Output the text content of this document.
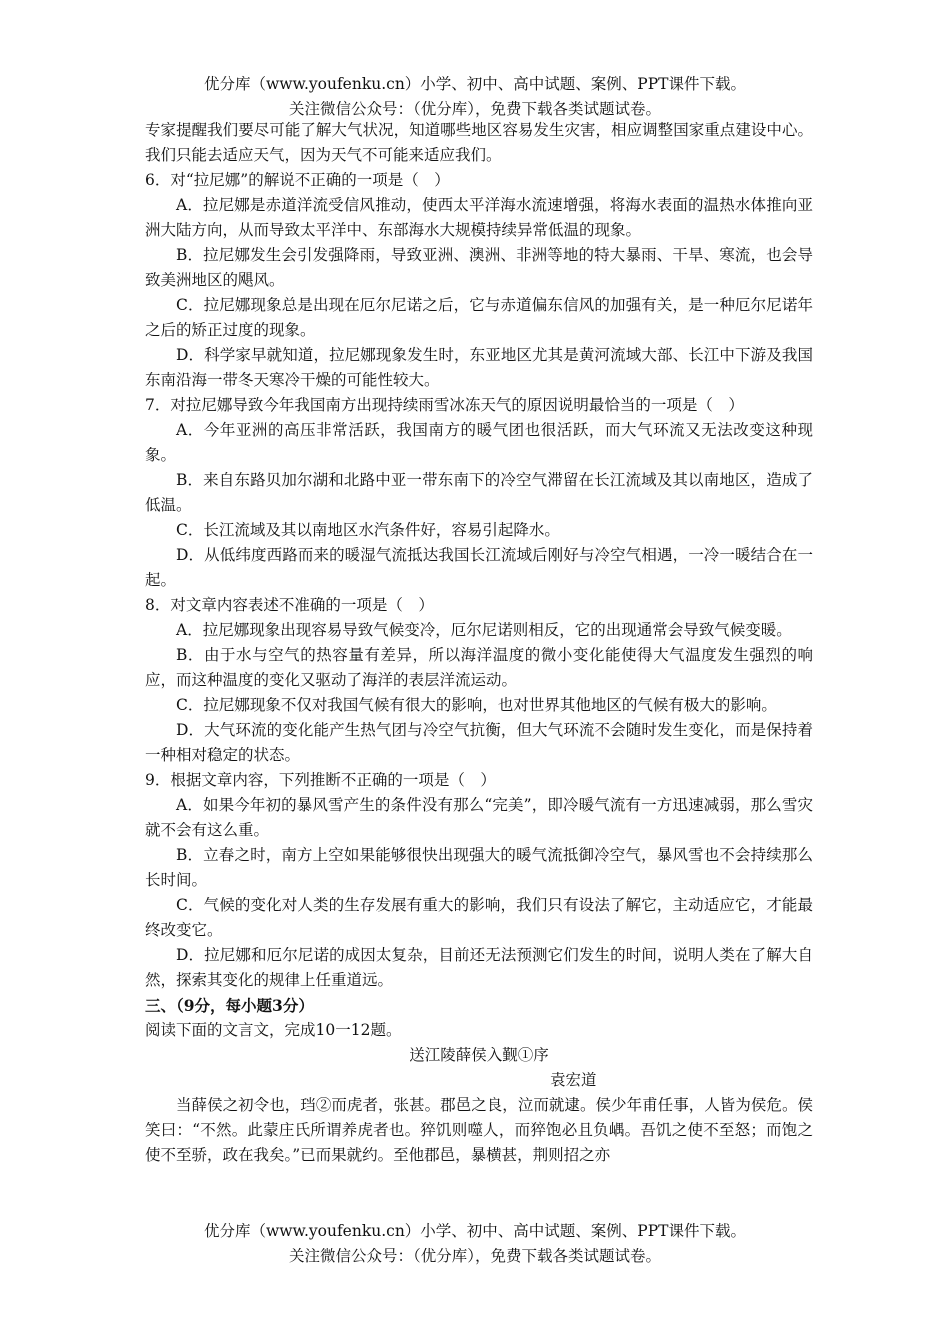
优分库（www.youfenku.cn）小学、初中、高中试题、案例、PPT课件下载。
关注微信公众号：（优分库），免费下载各类试题试卷。

专家提醒我们要尽可能了解大气状况，知道哪些地区容易发生灾害，相应调整国家重点建设中心。我们只能去适应天气，因为天气不可能来适应我们。

6．对“拉尼娜”的解说不正确的一项是（　）

A．拉尼娜是赤道洋流受信风推动，使西太平洋海水流速增强，将海水表面的温热水体推向亚洲大陆方向，从而导致太平洋中、东部海水大规模持续异常低温的现象。

B．拉尼娜发生会引发强降雨，导致亚洲、澳洲、非洲等地的特大暴雨、干旱、寒流，也会导致美洲地区的飓风。

C．拉尼娜现象总是出现在厄尔尼诺之后，它与赤道偏东信风的加强有关，是一种厄尔尼诺年之后的矫正过度的现象。

D．科学家早就知道，拉尼娜现象发生时，东亚地区尤其是黄河流域大部、长江中下游及我国东南沿海一带冬天寒冷干燥的可能性较大。

7．对拉尼娜导致今年我国南方出现持续雨雪冰冻天气的原因说明最恰当的一项是（　）

A．今年亚洲的高压非常活跃，我国南方的暖气团也很活跃，而大气环流又无法改变这种现象。

B．来自东路贝加尔湖和北路中亚一带东南下的冷空气滞留在长江流域及其以南地区，造成了低温。

C．长江流域及其以南地区水汽条件好，容易引起降水。

D．从低纬度西路而来的暖湿气流抵达我国长江流域后刚好与冷空气相遇，一冷一暖结合在一起。

8．对文章内容表述不准确的一项是（　）

A．拉尼娜现象出现容易导致气候变冷，厄尔尼诺则相反，它的出现通常会导致气候变暖。

B．由于水与空气的热容量有差异，所以海洋温度的微小变化能使得大气温度发生强烈的响应，而这种温度的变化又驱动了海洋的表层洋流运动。

C．拉尼娜现象不仅对我国气候有很大的影响，也对世界其他地区的气候有极大的影响。

D．大气环流的变化能产生热气团与冷空气抗衡，但大气环流不会随时发生变化，而是保持着一种相对稳定的状态。

9．根据文章内容，下列推断不正确的一项是（　）

A．如果今年初的暴风雪产生的条件没有那么“完美”，即冷暖气流有一方迅速减弱，那么雪灾就不会有这么重。

B．立春之时，南方上空如果能够很快出现强大的暖气流抵御冷空气，暴风雪也不会持续那么长时间。

C．气候的变化对人类的生存发展有重大的影响，我们只有设法了解它，主动适应它，才能最终改变它。

D．拉尼娜和厄尔尼诺的成因太复杂，目前还无法预测它们发生的时间，说明人类在了解大自然，探索其变化的规律上任重道远。

三、（9分，每小题3分）

阅读下面的文言文，完成10一12题。

送江陵薛侯入觐①序

袁宏道

当薛侯之初令也，珰②而虎者，张甚。郡邑之良，泣而就逮。侯少年甫任事，人皆为侯危。侯笑曰：“不然。此蒙庄氏所谓养虎者也。猝饥则噬人，而猝饱必且负嵎。吾饥之使不至怒；而饱之使不至骄，政在我矣。”已而果就约。至他郡邑，暴横甚，荆则招之亦

优分库（www.youfenku.cn）小学、初中、高中试题、案例、PPT课件下载。
关注微信公众号：（优分库），免费下载各类试题试卷。
